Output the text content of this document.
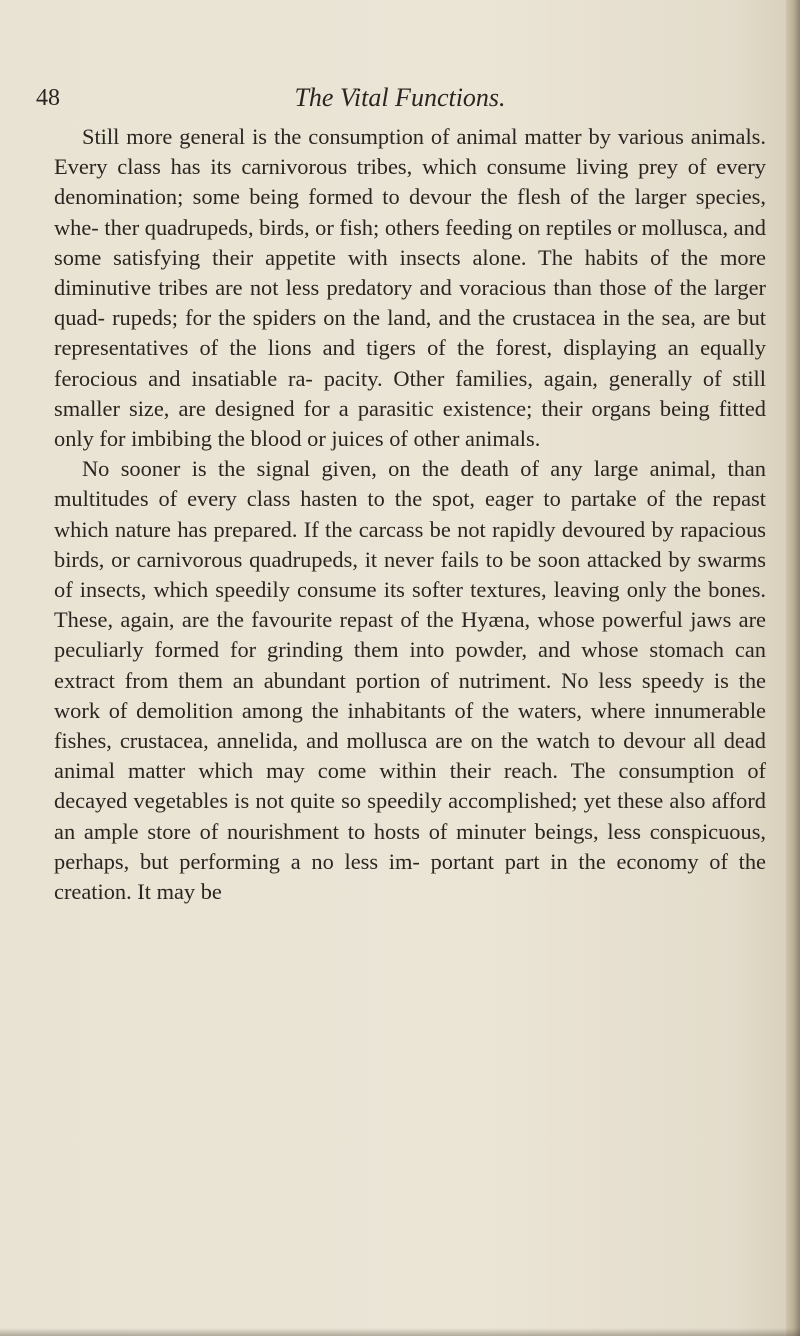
48	The Vital Functions.

Still more general is the consumption of animal matter by various animals. Every class has its carnivorous tribes, which consume living prey of every denomination; some being formed to devour the flesh of the larger species, whe- ther quadrupeds, birds, or fish; others feeding on reptiles or mollusca, and some satisfying their appetite with insects alone. The habits of the more diminutive tribes are not less predatory and voracious than those of the larger quad- rupeds; for the spiders on the land, and the crustacea in the sea, are but representatives of the lions and tigers of the forest, displaying an equally ferocious and insatiable ra- pacity. Other families, again, generally of still smaller size, are designed for a parasitic existence; their organs being fitted only for imbibing the blood or juices of other animals.

No sooner is the signal given, on the death of any large animal, than multitudes of every class hasten to the spot, eager to partake of the repast which nature has prepared. If the carcass be not rapidly devoured by rapacious birds, or carnivorous quadrupeds, it never fails to be soon attacked by swarms of insects, which speedily consume its softer textures, leaving only the bones. These, again, are the favourite repast of the Hyæna, whose powerful jaws are peculiarly formed for grinding them into powder, and whose stomach can extract from them an abundant portion of nutriment. No less speedy is the work of demolition among the inhabitants of the waters, where innumerable fishes, crustacea, annelida, and mollusca are on the watch to devour all dead animal matter which may come within their reach. The consumption of decayed vegetables is not quite so speedily accomplished; yet these also afford an ample store of nourishment to hosts of minuter beings, less conspicuous, perhaps, but performing a no less im- portant part in the economy of the creation. It may be
